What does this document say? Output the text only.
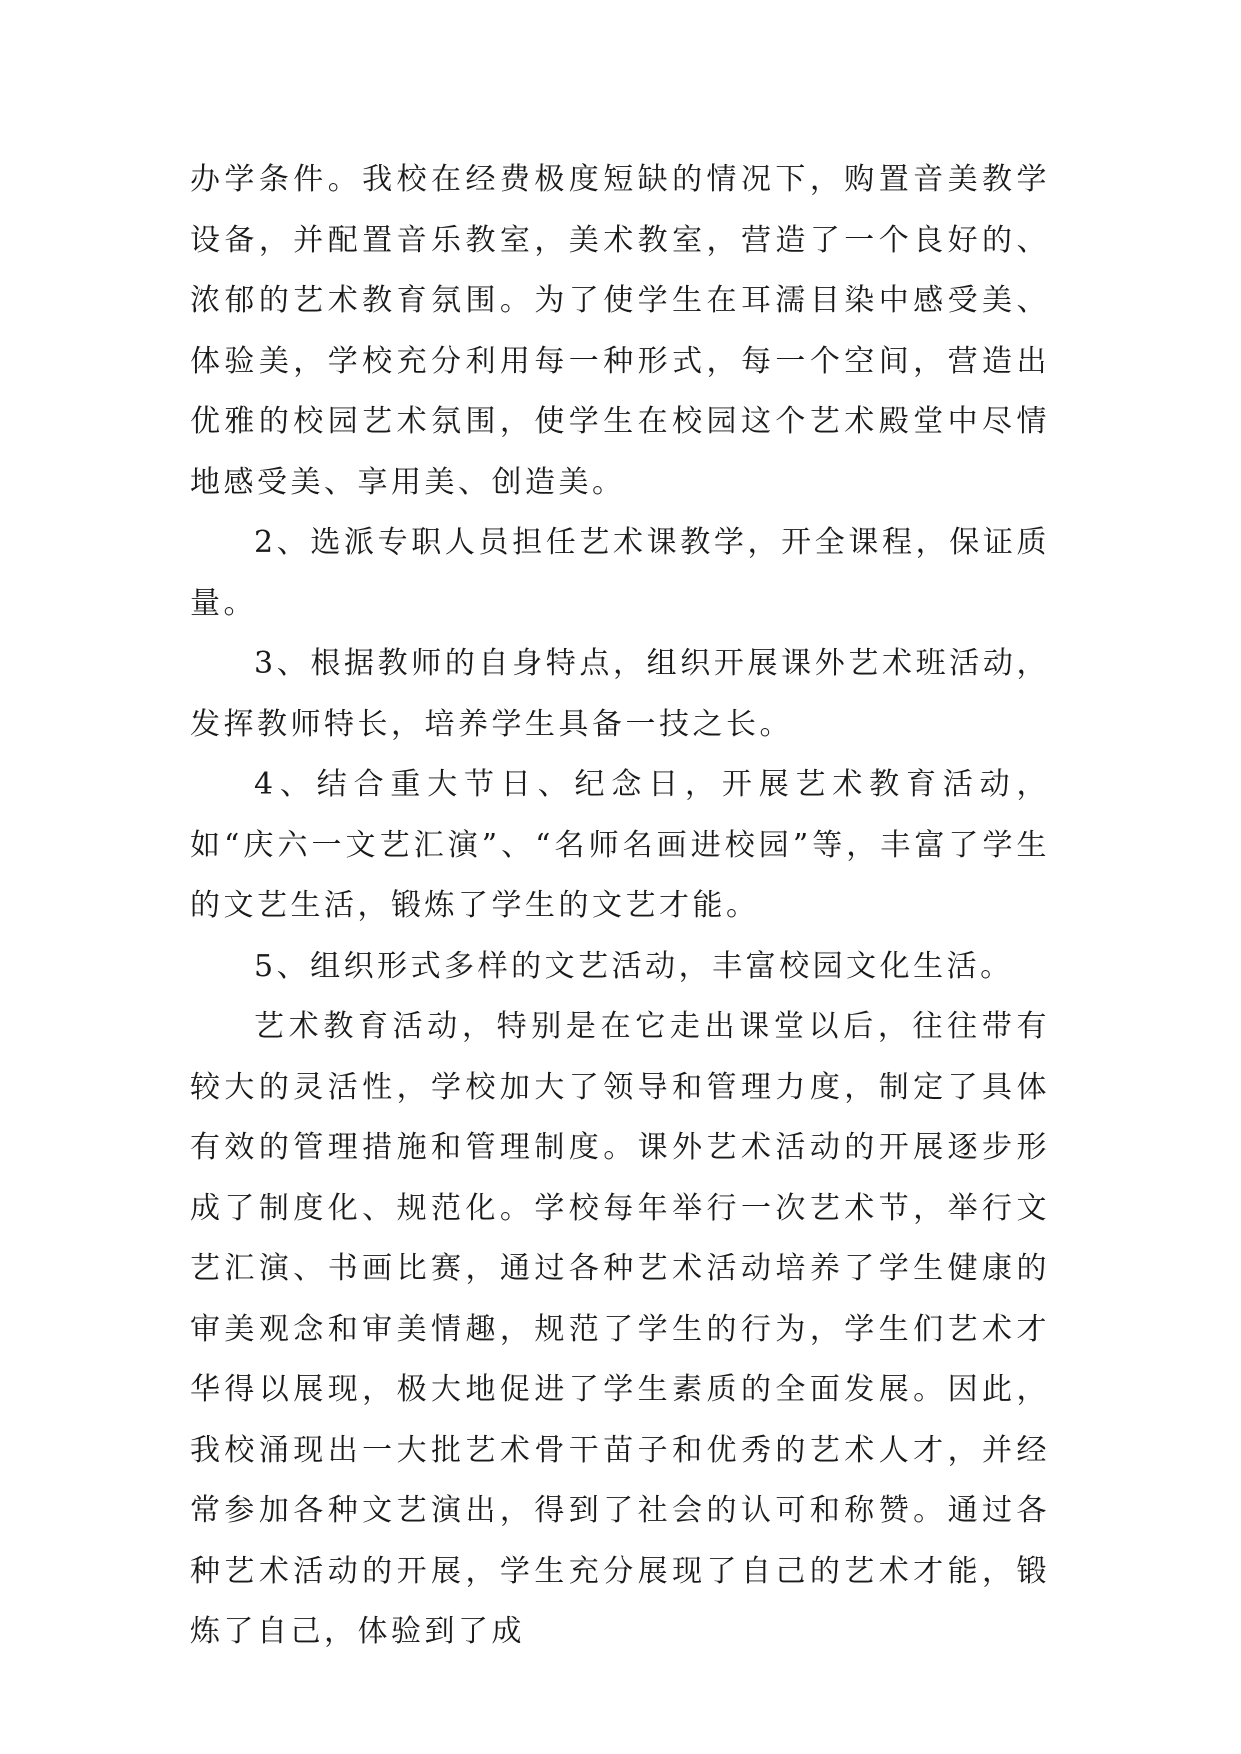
办学条件。我校在经费极度短缺的情况下，购置音美教学设备，并配置音乐教室，美术教室，营造了一个良好的、浓郁的艺术教育氛围。为了使学生在耳濡目染中感受美、体验美，学校充分利用每一种形式，每一个空间，营造出优雅的校园艺术氛围，使学生在校园这个艺术殿堂中尽情地感受美、享用美、创造美。

2、选派专职人员担任艺术课教学，开全课程，保证质量。

3、根据教师的自身特点，组织开展课外艺术班活动，发挥教师特长，培养学生具备一技之长。

4、结合重大节日、纪念日，开展艺术教育活动，如“庆六一文艺汇演”、“名师名画进校园”等，丰富了学生的文艺生活，锻炼了学生的文艺才能。

5、组织形式多样的文艺活动，丰富校园文化生活。

艺术教育活动，特别是在它走出课堂以后，往往带有较大的灵活性，学校加大了领导和管理力度，制定了具体有效的管理措施和管理制度。课外艺术活动的开展逐步形成了制度化、规范化。学校每年举行一次艺术节，举行文艺汇演、书画比赛，通过各种艺术活动培养了学生健康的审美观念和审美情趣，规范了学生的行为，学生们艺术才华得以展现，极大地促进了学生素质的全面发展。因此，我校涌现出一大批艺术骨干苗子和优秀的艺术人才，并经常参加各种文艺演出，得到了社会的认可和称赞。通过各种艺术活动的开展，学生充分展现了自己的艺术才能，锻炼了自己，体验到了成
